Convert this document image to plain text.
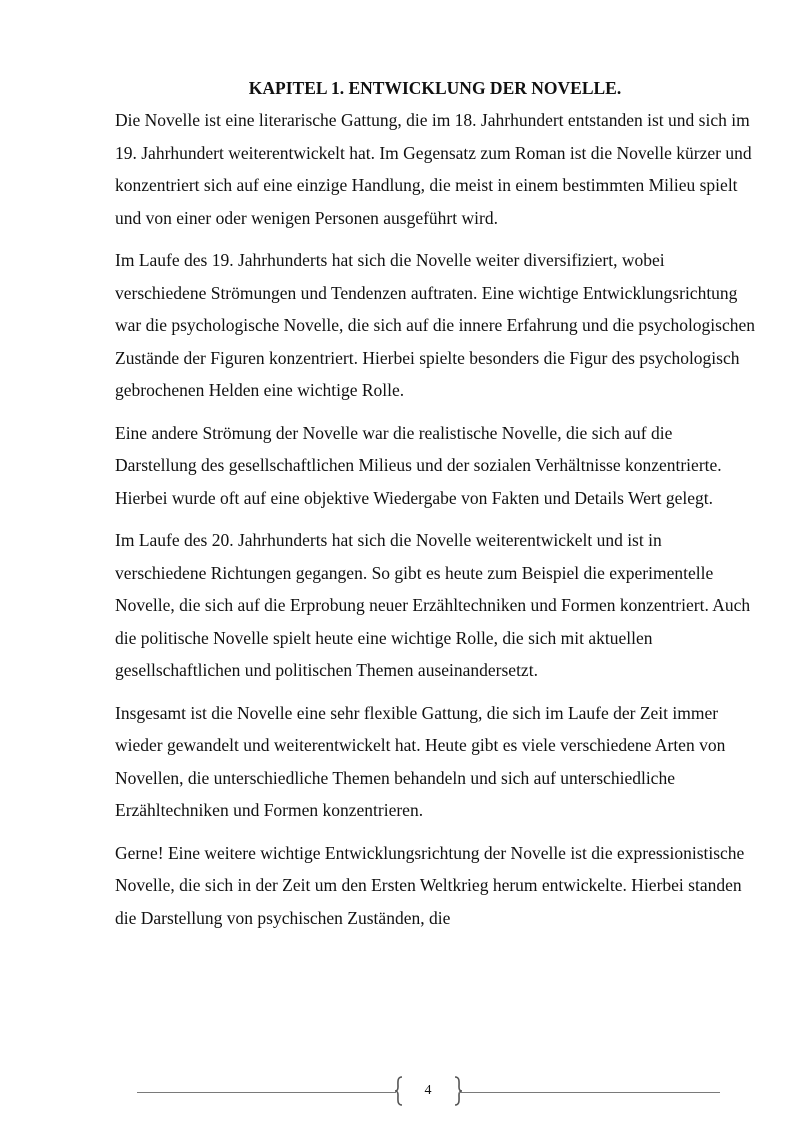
KAPITEL 1. ENTWICKLUNG DER NOVELLE.

Die Novelle ist eine literarische Gattung, die im 18. Jahrhundert entstanden ist und sich im 19. Jahrhundert weiterentwickelt hat. Im Gegensatz zum Roman ist die Novelle kürzer und konzentriert sich auf eine einzige Handlung, die meist in einem bestimmten Milieu spielt und von einer oder wenigen Personen ausgeführt wird.

Im Laufe des 19. Jahrhunderts hat sich die Novelle weiter diversifiziert, wobei verschiedene Strömungen und Tendenzen auftraten. Eine wichtige Entwicklungsrichtung war die psychologische Novelle, die sich auf die innere Erfahrung und die psychologischen Zustände der Figuren konzentriert. Hierbei spielte besonders die Figur des psychologisch gebrochenen Helden eine wichtige Rolle.

Eine andere Strömung der Novelle war die realistische Novelle, die sich auf die Darstellung des gesellschaftlichen Milieus und der sozialen Verhältnisse konzentrierte. Hierbei wurde oft auf eine objektive Wiedergabe von Fakten und Details Wert gelegt.

Im Laufe des 20. Jahrhunderts hat sich die Novelle weiterentwickelt und ist in verschiedene Richtungen gegangen. So gibt es heute zum Beispiel die experimentelle Novelle, die sich auf die Erprobung neuer Erzähltechniken und Formen konzentriert. Auch die politische Novelle spielt heute eine wichtige Rolle, die sich mit aktuellen gesellschaftlichen und politischen Themen auseinandersetzt.

Insgesamt ist die Novelle eine sehr flexible Gattung, die sich im Laufe der Zeit immer wieder gewandelt und weiterentwickelt hat. Heute gibt es viele verschiedene Arten von Novellen, die unterschiedliche Themen behandeln und sich auf unterschiedliche Erzähltechniken und Formen konzentrieren.

Gerne! Eine weitere wichtige Entwicklungsrichtung der Novelle ist die expressionistische Novelle, die sich in der Zeit um den Ersten Weltkrieg herum entwickelte. Hierbei standen die Darstellung von psychischen Zuständen, die

4
